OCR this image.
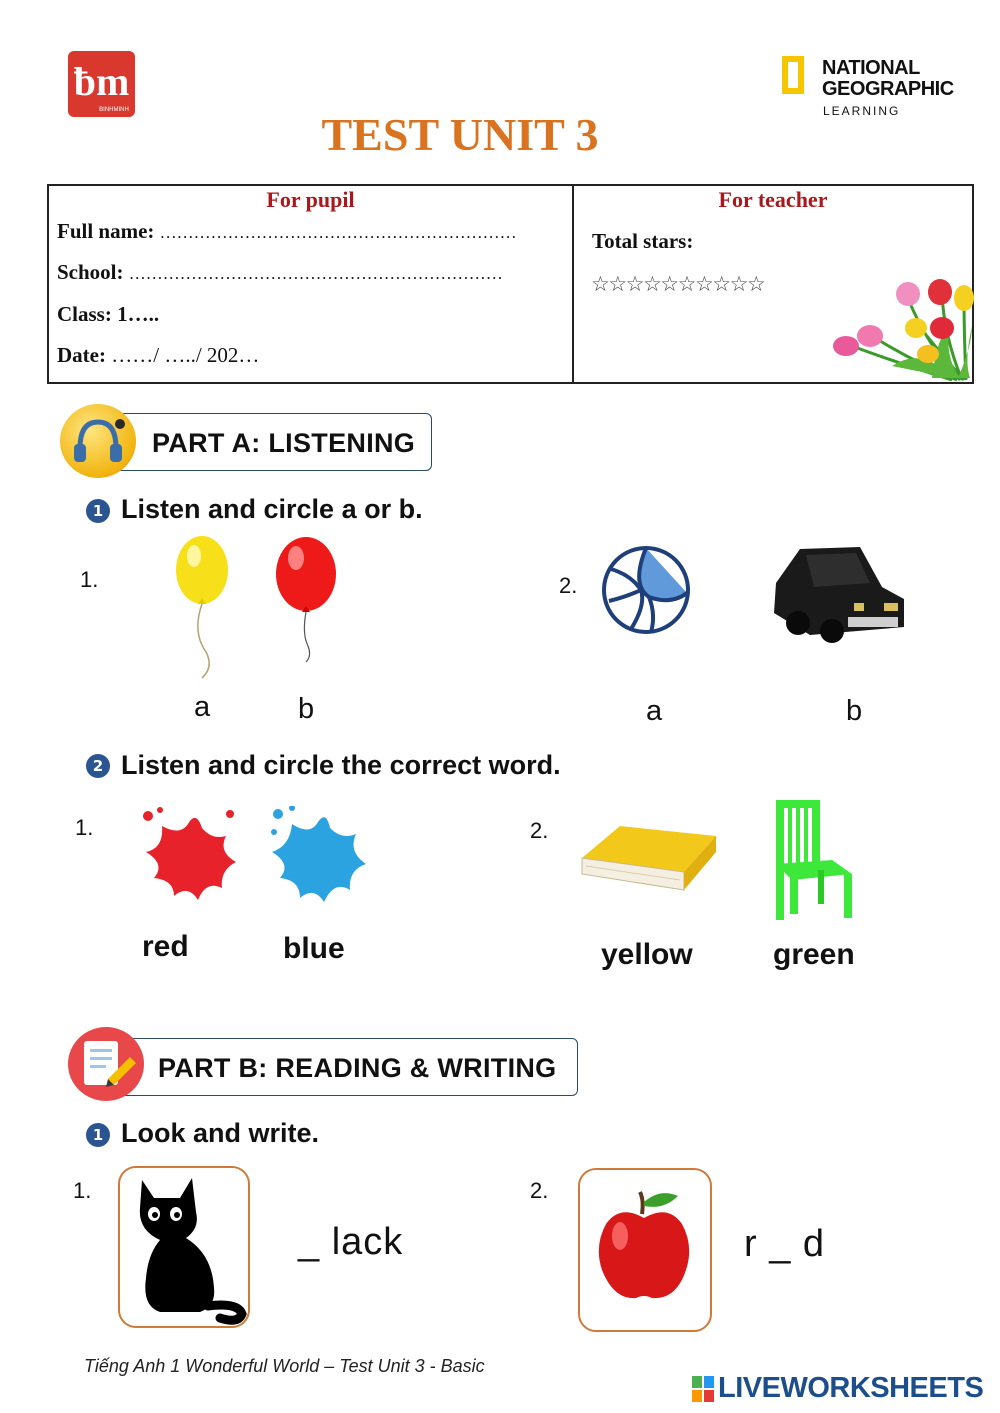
ƀm
BINHMINH
NATIONAL
GEOGRAPHIC
LEARNING
TEST UNIT 3
For pupil
Full name: ………………………………………………………
School: …………………………………………………………
Class: 1…..
Date: ……/ …../ 202…
For teacher
Total stars:
☆☆☆☆☆☆☆☆☆☆
PART A: LISTENING
1 Listen and circle a or b.
1.
a	b
2.
a	b
2 Listen and circle the correct word.
1.
red	blue
2.
yellow	green
PART B: READING & WRITING
1 Look and write.
1.
_ lack
2.
r _ d
Tiếng Anh 1 Wonderful World – Test Unit 3 - Basic
LIVEWORKSHEETS
